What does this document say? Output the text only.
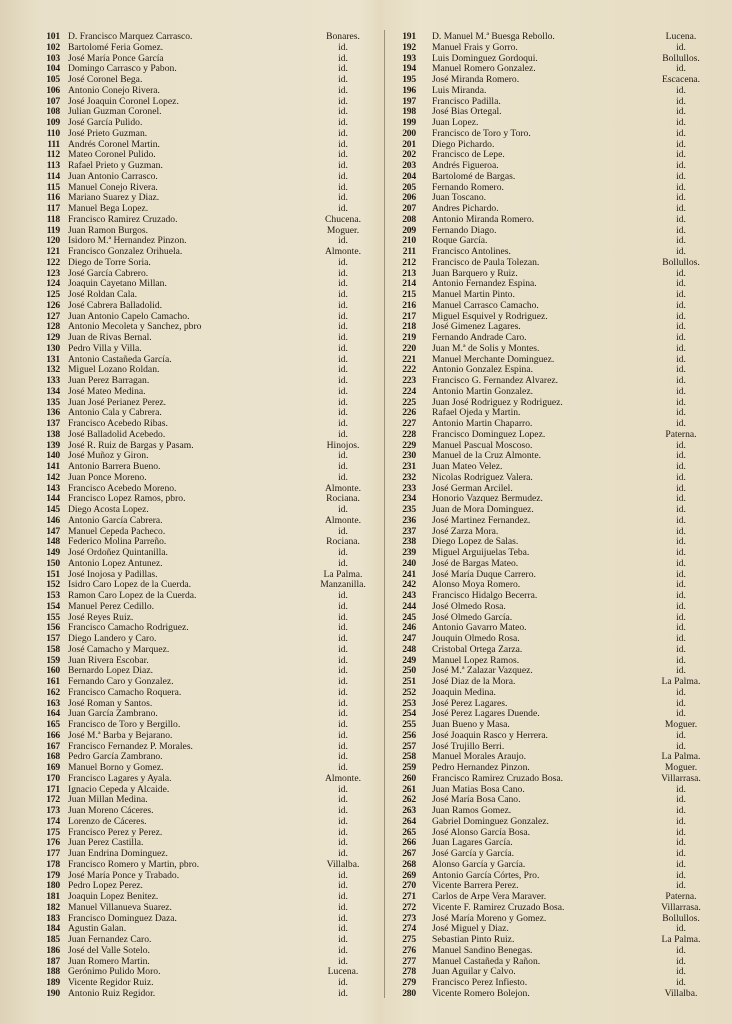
101 D. Francisco Marquez Carrasco.	Bonares.
102 Bartolomé Feria Gomez.	id.
103 José María Ponce García	id.
104 Domingo Carrasco y Pabon.	id.
105 José Coronel Bega.	id.
106 Antonio Conejo Rivera.	id.
107 José Joaquin Coronel Lopez.	id.
108 Julian Guzman Coronel.	id.
109 José García Pulido.	id.
110 José Prieto Guzman.	id.
111 Andrés Coronel Martin.	id.
112 Mateo Coronel Pulido.	id.
113 Rafael Prieto y Guzman.	id.
114 Juan Antonio Carrasco.	id.
115 Manuel Conejo Rivera.	id.
116 Mariano Suarez y Diaz.	id.
117 Manuel Bega Lopez.	id.
118 Francisco Ramirez Cruzado.	Chucena.
119 Juan Ramon Burgos.	Moguer.
120 Isidoro M.ª Hernandez Pinzon.	id.
121 Francisco Gonzalez Orihuela.	Almonte.
122 Diego de Torre Soria.	id.
123 José García Cabrero.	id.
124 Joaquin Cayetano Millan.	id.
125 José Roldan Cala.	id.
126 José Cabrera Balladolid.	id.
127 Juan Antonio Capelo Camacho.	id.
128 Antonio Mecoleta y Sanchez, pbro	id.
129 Juan de Rivas Bernal.	id.
130 Pedro Villa y Villa.	id.
131 Antonio Castañeda García.	id.
132 Miguel Lozano Roldan.	id.
133 Juan Perez Barragan.	id.
134 José Mateo Medina.	id.
135 Juan José Perianez Perez.	id.
136 Antonio Cala y Cabrera.	id.
137 Francisco Acebedo Ribas.	id.
138 José Balladolid Acebedo.	id.
139 José R. Ruiz de Bargas y Pasam.	Hinojos.
140 José Muñoz y Giron.	id.
141 Antonio Barrera Bueno.	id.
142 Juan Ponce Moreno.	id.
143 Francisco Acebedo Moreno.	Almonte.
144 Francisco Lopez Ramos, pbro.	Rociana.
145 Diego Acosta Lopez.	id.
146 Antonio García Cabrera.	Almonte.
147 Manuel Cepeda Pacheco.	id.
148 Federico Molina Parreño.	Rociana.
149 José Ordoñez Quintanilla.	id.
150 Antonio Lopez Antunez.	id.
151 José Inojosa y Padillas.	La Palma.
152 Isidro Caro Lopez de la Cuerda.	Manzanilla.
153 Ramon Caro Lopez de la Cuerda.	id.
154 Manuel Perez Cedillo.	id.
155 José Reyes Ruiz.	id.
156 Francisco Camacho Rodriguez.	id.
157 Diego Landero y Caro.	id.
158 José Camacho y Marquez.	id.
159 Juan Rivera Escobar.	id.
160 Bernardo Lopez Diaz.	id.
161 Fernando Caro y Gonzalez.	id.
162 Francisco Camacho Roquera.	id.
163 José Roman y Santos.	id.
164 Juan García Zambrano.	id.
165 Francisco de Toro y Bergillo.	id.
166 José M.ª Barba y Bejarano.	id.
167 Francisco Fernandez P. Morales.	id.
168 Pedro García Zambrano.	id.
169 Manuel Borno y Gomez.	id.
170 Francisco Lagares y Ayala.	Almonte.
171 Ignacio Cepeda y Alcaide.	id.
172 Juan Millan Medina.	id.
173 Juan Moreno Cáceres.	id.
174 Lorenzo de Cáceres.	id.
175 Francisco Perez y Perez.	id.
176 Juan Perez Castilla.	id.
177 Juan Endrina Dominguez.	id.
178 Francisco Romero y Martin, pbro.	Villalba.
179 José María Ponce y Trabado.	id.
180 Pedro Lopez Perez.	id.
181 Joaquin Lopez Benitez.	id.
182 Manuel Villanueva Suarez.	id.
183 Francisco Dominguez Daza.	id.
184 Agustin Galan.	id.
185 Juan Fernandez Caro.	id.
186 José del Valle Sotelo.	id.
187 Juan Romero Martin.	id.
188 Gerónimo Pulido Moro.	Lucena.
189 Vicente Regidor Ruiz.	id.
190 Antonio Ruiz Regidor.	id.
191 D. Manuel M.ª Buesga Rebollo.	Lucena.
192 Manuel Frais y Gorro.	id.
193 Luis Dominguez Gordoqui.	Bollullos.
194 Manuel Romero Gonzalez.	id.
195 José Miranda Romero.	Escacena.
196 Luis Miranda.	id.
197 Francisco Padilla.	id.
198 José Bias Ortegal.	id.
199 Juan Lopez.	id.
200 Francisco de Toro y Toro.	id.
201 Diego Pichardo.	id.
202 Francisco de Lepe.	id.
203 Andrés Figueroa.	id.
204 Bartolomé de Bargas.	id.
205 Fernando Romero.	id.
206 Juan Toscano.	id.
207 Andres Pichardo.	id.
208 Antonio Miranda Romero.	id.
209 Fernando Diago.	id.
210 Roque García.	id.
211 Francisco Antolines.	id.
212 Francisco de Paula Tolezan.	Bollullos.
213 Juan Barquero y Ruiz.	id.
214 Antonio Fernandez Espina.	id.
215 Manuel Martin Pinto.	id.
216 Manuel Carrasco Camacho.	id.
217 Miguel Esquivel y Rodriguez.	id.
218 José Gimenez Lagares.	id.
219 Fernando Andrade Caro.	id.
220 Juan M.ª de Solis y Montes.	id.
221 Manuel Merchante Dominguez.	id.
222 Antonio Gonzalez Espina.	id.
223 Francisco G. Fernandez Alvarez.	id.
224 Antonio Martin Gonzalez.	id.
225 Juan José Rodriguez y Rodriguez.	id.
226 Rafael Ojeda y Martin.	id.
227 Antonio Martin Chaparro.	id.
228 Francisco Dominguez Lopez.	Paterna.
229 Manuel Pascual Moscoso.	id.
230 Manuel de la Cruz Almonte.	id.
231 Juan Mateo Velez.	id.
232 Nicolas Rodriguez Valera.	id.
233 José German Arcilel.	id.
234 Honorio Vazquez Bermudez.	id.
235 Juan de Mora Dominguez.	id.
236 José Martinez Fernandez.	id.
237 José Zarza Mora.	id.
238 Diego Lopez de Salas.	id.
239 Miguel Arguijuelas Teba.	id.
240 José de Bargas Mateo.	id.
241 José María Duque Carrero.	id.
242 Alonso Moya Romero.	id.
243 Francisco Hidalgo Becerra.	id.
244 José Olmedo Rosa.	id.
245 José Olmedo García.	id.
246 Antonio Gavarro Mateo.	id.
247 Jouquin Olmedo Rosa.	id.
248 Cristobal Ortega Zarza.	id.
249 Manuel Lopez Ramos.	id.
250 José M.ª Zalazar Vazquez.	id.
251 José Diaz de la Mora.	La Palma.
252 Joaquin Medina.	id.
253 José Perez Lagares.	id.
254 José Perez Lagares Duende.	id.
255 Juan Bueno y Masa.	Moguer.
256 José Joaquin Rasco y Herrera.	id.
257 José Trujillo Berri.	id.
258 Manuel Morales Araujo.	La Palma.
259 Pedro Hernandez Pinzon.	Moguer.
260 Francisco Ramirez Cruzado Bosa.	Villarrasa.
261 Juan Matias Bosa Cano.	id.
262 José María Bosa Cano.	id.
263 Juan Ramos Gomez.	id.
264 Gabriel Dominguez Gonzalez.	id.
265 José Alonso García Bosa.	id.
266 Juan Lagares García.	id.
267 José García y García.	id.
268 Alonso García y García.	id.
269 Antonio García Córtes, Pro.	id.
270 Vicente Barrera Perez.	id.
271 Carlos de Arpe Vera Maraver.	Paterna.
272 Vicente F. Ramirez Cruzado Bosa.	Villarrasa.
273 José María Moreno y Gomez.	Bollullos.
274 José Miguel y Diaz.	id.
275 Sebastian Pinto Ruiz.	La Palma.
276 Manuel Sandino Benegas.	id.
277 Manuel Castañeda y Rañon.	id.
278 Juan Aguilar y Calvo.	id.
279 Francisco Perez Infiesto.	id.
280 Vicente Romero Bolejon.	Villalba.
